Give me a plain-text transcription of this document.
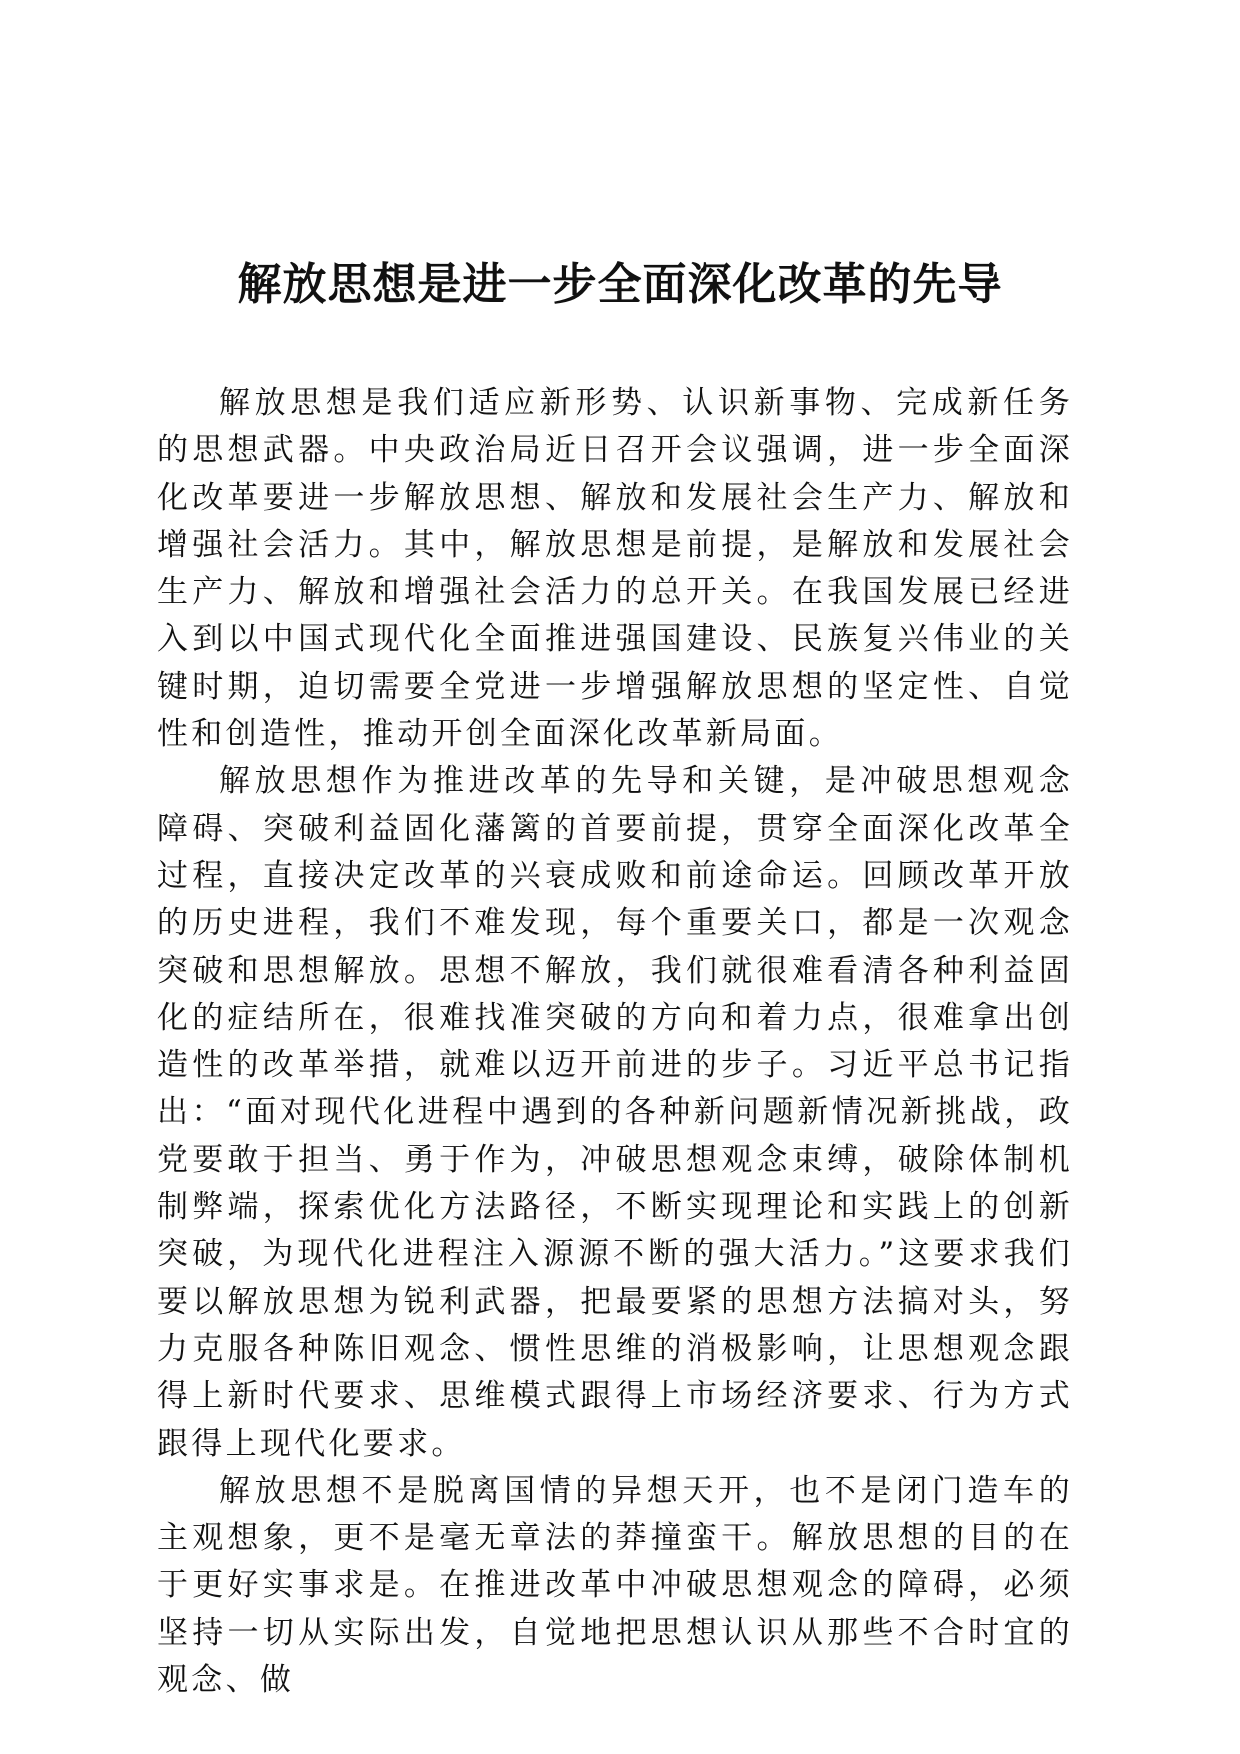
解放思想是进一步全面深化改革的先导

解放思想是我们适应新形势、认识新事物、完成新任务的思想武器。中央政治局近日召开会议强调，进一步全面深化改革要进一步解放思想、解放和发展社会生产力、解放和增强社会活力。其中，解放思想是前提，是解放和发展社会生产力、解放和增强社会活力的总开关。在我国发展已经进入到以中国式现代化全面推进强国建设、民族复兴伟业的关键时期，迫切需要全党进一步增强解放思想的坚定性、自觉性和创造性，推动开创全面深化改革新局面。

解放思想作为推进改革的先导和关键，是冲破思想观念障碍、突破利益固化藩篱的首要前提，贯穿全面深化改革全过程，直接决定改革的兴衰成败和前途命运。回顾改革开放的历史进程，我们不难发现，每个重要关口，都是一次观念突破和思想解放。思想不解放，我们就很难看清各种利益固化的症结所在，很难找准突破的方向和着力点，很难拿出创造性的改革举措，就难以迈开前进的步子。习近平总书记指出：“面对现代化进程中遇到的各种新问题新情况新挑战，政党要敢于担当、勇于作为，冲破思想观念束缚，破除体制机制弊端，探索优化方法路径，不断实现理论和实践上的创新突破，为现代化进程注入源源不断的强大活力。”这要求我们要以解放思想为锐利武器，把最要紧的思想方法搞对头，努力克服各种陈旧观念、惯性思维的消极影响，让思想观念跟得上新时代要求、思维模式跟得上市场经济要求、行为方式跟得上现代化要求。

解放思想不是脱离国情的异想天开，也不是闭门造车的主观想象，更不是毫无章法的莽撞蛮干。解放思想的目的在于更好实事求是。在推进改革中冲破思想观念的障碍，必须坚持一切从实际出发，自觉地把思想认识从那些不合时宜的观念、做
